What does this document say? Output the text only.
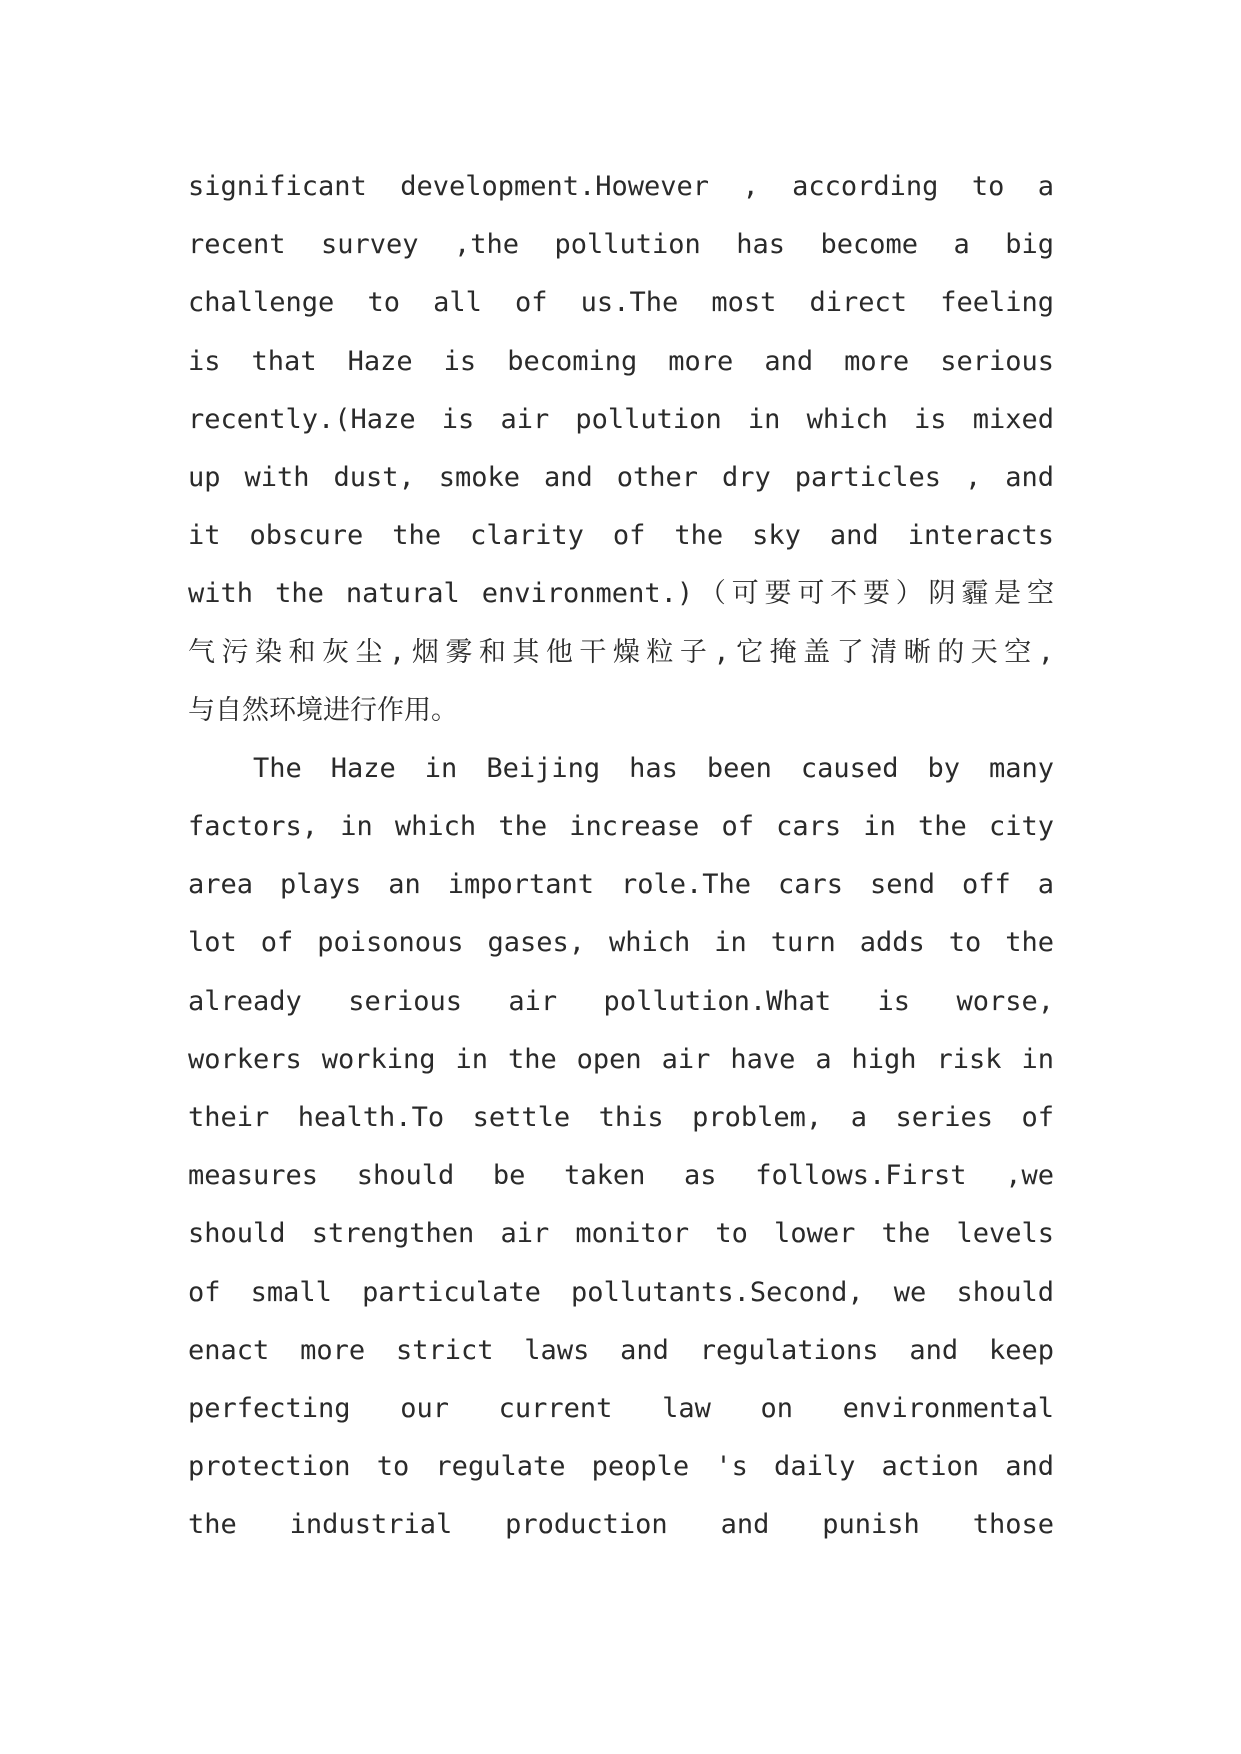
significant development.However , according to a
recent survey ,the pollution has become a big
challenge to all of us.The most direct feeling
is that Haze is becoming more and more serious
recently.(Haze is air pollution in which is mixed
up with dust, smoke and other dry particles , and
it obscure the clarity of the sky and interacts
with the natural environment.)（可要可不要）阴霾是空
气污染和灰尘,烟雾和其他干燥粒子,它掩盖了清晰的天空,
与自然环境进行作用。
The Haze in Beijing has been caused by many
factors, in which the increase of cars in the city
area plays an important role.The cars send off a
lot of poisonous gases, which in turn adds to the
already serious air pollution.What is worse,
workers working in the open air have a high risk in
their health.To settle this problem, a series of
measures should be taken as follows.First ,we
should strengthen air monitor to lower the levels
of small particulate pollutants.Second, we should
enact more strict laws and regulations and keep
perfecting our current law on environmental
protection to regulate people 's daily action and
the industrial production and punish those
